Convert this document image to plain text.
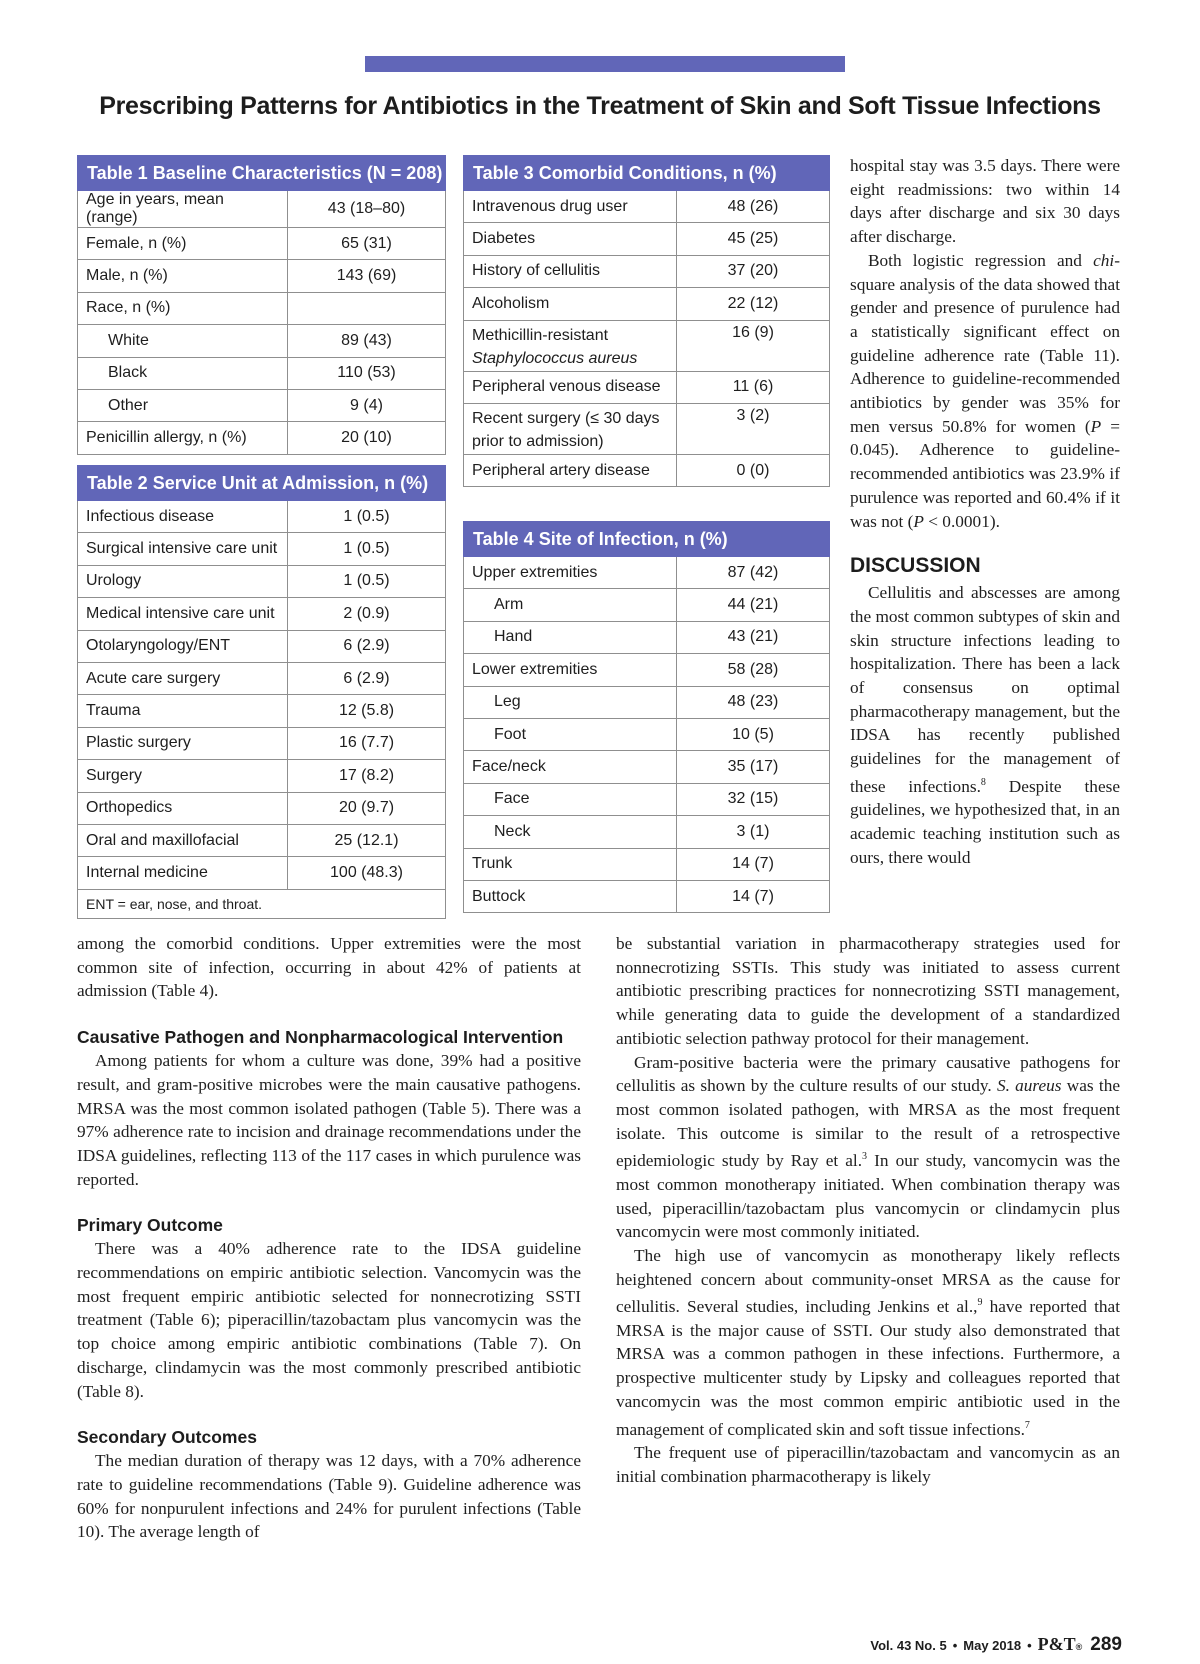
Prescribing Patterns for Antibiotics in the Treatment of Skin and Soft Tissue Infections
Table 1 Baseline Characteristics (N = 208)	
Age in years, mean (range)	43 (18–80)
Female, n (%)	65 (31)
Male, n (%)	143 (69)
Race, n (%)	
White	89 (43)
Black	110 (53)
Other	9 (4)
Penicillin allergy, n (%)	20 (10)
Table 2 Service Unit at Admission, n (%)	
Infectious disease	1 (0.5)
Surgical intensive care unit	1 (0.5)
Urology	1 (0.5)
Medical intensive care unit	2 (0.9)
Otolaryngology/ENT	6 (2.9)
Acute care surgery	6 (2.9)
Trauma	12 (5.8)
Plastic surgery	16 (7.7)
Surgery	17 (8.2)
Orthopedics	20 (9.7)
Oral and maxillofacial	25 (12.1)
Internal medicine	100 (48.3)
ENT = ear, nose, and throat.	
Table 3 Comorbid Conditions, n (%)	
Intravenous drug user	48 (26)
Diabetes	45 (25)
History of cellulitis	37 (20)
Alcoholism	22 (12)
Methicillin-resistant
Staphylococcus aureus	16 (9)
Peripheral venous disease	11 (6)
Recent surgery (≤ 30 days
prior to admission)	3 (2)
Peripheral artery disease	0 (0)
Table 4 Site of Infection, n (%)	
Upper extremities	87 (42)
Arm	44 (21)
Hand	43 (21)
Lower extremities	58 (28)
Leg	48 (23)
Foot	10 (5)
Face/neck	35 (17)
Face	32 (15)
Neck	3 (1)
Trunk	14 (7)
Buttock	14 (7)

hospital stay was 3.5 days. There were eight readmissions: two within 14 days after discharge and six 30 days after discharge.

Both logistic regression and chi-square analysis of the data showed that gender and presence of purulence had a statistically significant effect on guideline adherence rate (Table 11). Adherence to guideline-recommended antibiotics by gender was 35% for men versus 50.8% for women (P = 0.045). Adherence to guideline-recommended antibiotics was 23.9% if purulence was reported and 60.4% if it was not (P < 0.0001).

DISCUSSION

Cellulitis and abscesses are among the most common subtypes of skin and skin structure infections leading to hospitalization. There has been a lack of consensus on optimal pharmacotherapy management, but the IDSA has recently published guidelines for the management of these infections.$^8$ Despite these guidelines, we hypothesized that, in an academic teaching institution such as ours, there would

among the comorbid conditions. Upper extremities were the most common site of infection, occurring in about 42% of patients at admission (Table 4).

Causative Pathogen and Nonpharmacological Intervention

Among patients for whom a culture was done, 39% had a positive result, and gram-positive microbes were the main causative pathogens. MRSA was the most common isolated pathogen (Table 5). There was a 97% adherence rate to incision and drainage recommendations under the IDSA guidelines, reflecting 113 of the 117 cases in which purulence was reported.

Primary Outcome

There was a 40% adherence rate to the IDSA guideline recommendations on empiric antibiotic selection. Vancomycin was the most frequent empiric antibiotic selected for nonnecrotizing SSTI treatment (Table 6); piperacillin/tazobactam plus vancomycin was the top choice among empiric antibiotic combinations (Table 7). On discharge, clindamycin was the most commonly prescribed antibiotic (Table 8).

Secondary Outcomes

The median duration of therapy was 12 days, with a 70% adherence rate to guideline recommendations (Table 9). Guideline adherence was 60% for nonpurulent infections and 24% for purulent infections (Table 10). The average length of

be substantial variation in pharmacotherapy strategies used for nonnecrotizing SSTIs. This study was initiated to assess current antibiotic prescribing practices for nonnecrotizing SSTI management, while generating data to guide the development of a standardized antibiotic selection pathway protocol for their management.

Gram-positive bacteria were the primary causative pathogens for cellulitis as shown by the culture results of our study. S. aureus was the most common isolated pathogen, with MRSA as the most frequent isolate. This outcome is similar to the result of a retrospective epidemiologic study by Ray et al.$^3$ In our study, vancomycin was the most common monotherapy initiated. When combination therapy was used, piperacillin/tazobactam plus vancomycin or clindamycin plus vancomycin were most commonly initiated.

The high use of vancomycin as monotherapy likely reflects heightened concern about community-onset MRSA as the cause for cellulitis. Several studies, including Jenkins et al.,$^9$ have reported that MRSA is the major cause of SSTI. Our study also demonstrated that MRSA was a common pathogen in these infections. Furthermore, a prospective multicenter study by Lipsky and colleagues reported that vancomycin was the most common empiric antibiotic used in the management of complicated skin and soft tissue infections.$^7$

The frequent use of piperacillin/tazobactam and vancomycin as an initial combination pharmacotherapy is likely

Vol. 43 No. 5 • May 2018 • P&T® 289
